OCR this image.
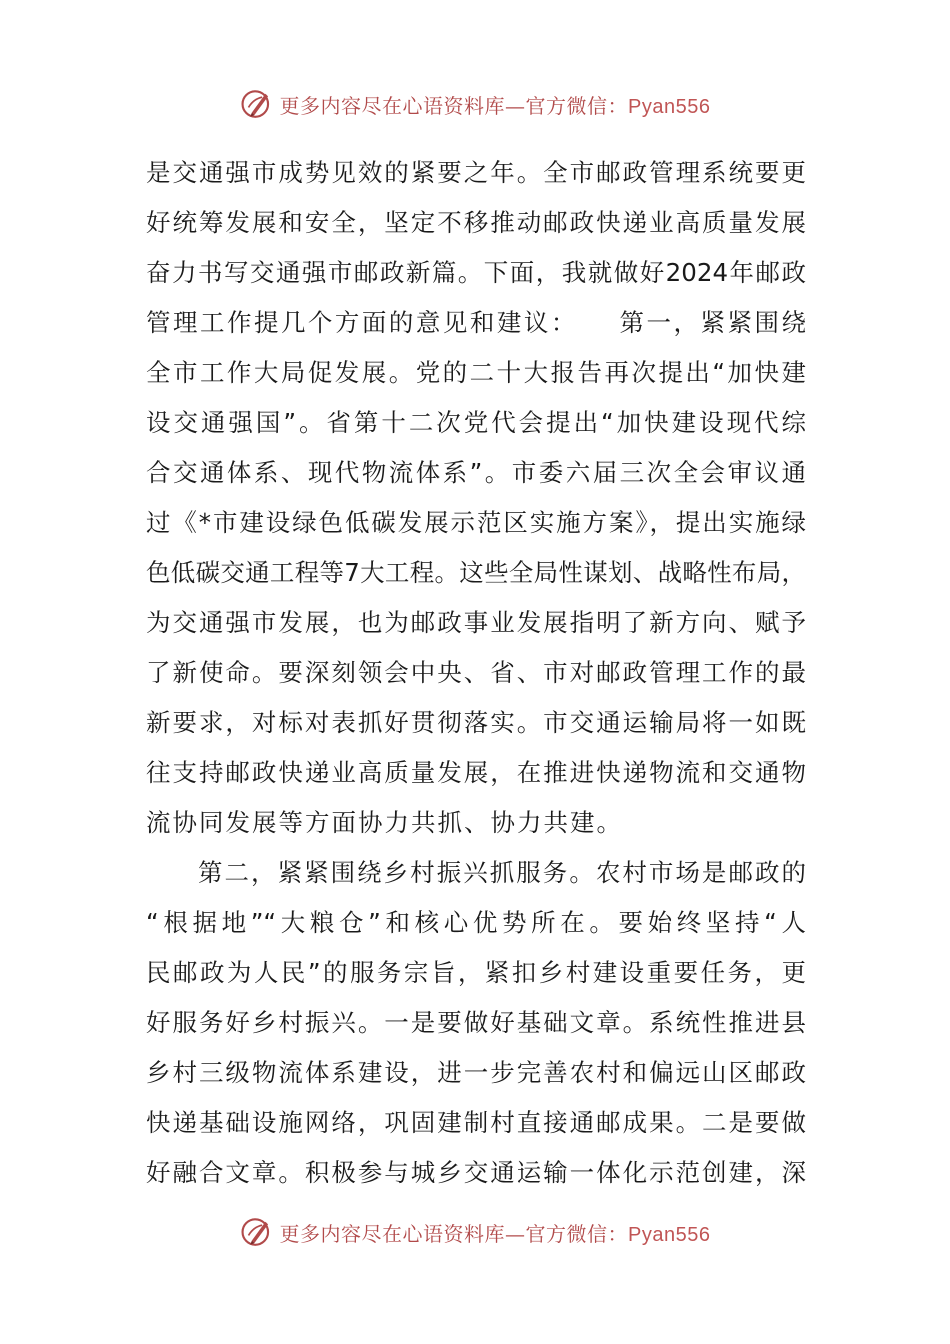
更多内容尽在心语资料库—官方微信：Pyan556
是交通强市成势见效的紧要之年。全市邮政管理系统要更
好统筹发展和安全，坚定不移推动邮政快递业高质量发展
奋力书写交通强市邮政新篇。下面，我就做好2024年邮政
管理工作提几个方面的意见和建议：　　第一，紧紧围绕
全市工作大局促发展。党的二十大报告再次提出“加快建
设交通强国”。省第十二次党代会提出“加快建设现代综
合交通体系、现代物流体系”。市委六届三次全会审议通
过《*市建设绿色低碳发展示范区实施方案》，提出实施绿
色低碳交通工程等7大工程。这些全局性谋划、战略性布局，
为交通强市发展，也为邮政事业发展指明了新方向、赋予
了新使命。要深刻领会中央、省、市对邮政管理工作的最
新要求，对标对表抓好贯彻落实。市交通运输局将一如既
往支持邮政快递业高质量发展，在推进快递物流和交通物
流协同发展等方面协力共抓、协力共建。
第二，紧紧围绕乡村振兴抓服务。农村市场是邮政的
“根据地”“大粮仓”和核心优势所在。要始终坚持“人
民邮政为人民”的服务宗旨，紧扣乡村建设重要任务，更
好服务好乡村振兴。一是要做好基础文章。系统性推进县
乡村三级物流体系建设，进一步完善农村和偏远山区邮政
快递基础设施网络，巩固建制村直接通邮成果。二是要做
好融合文章。积极参与城乡交通运输一体化示范创建，深
更多内容尽在心语资料库—官方微信：Pyan556
